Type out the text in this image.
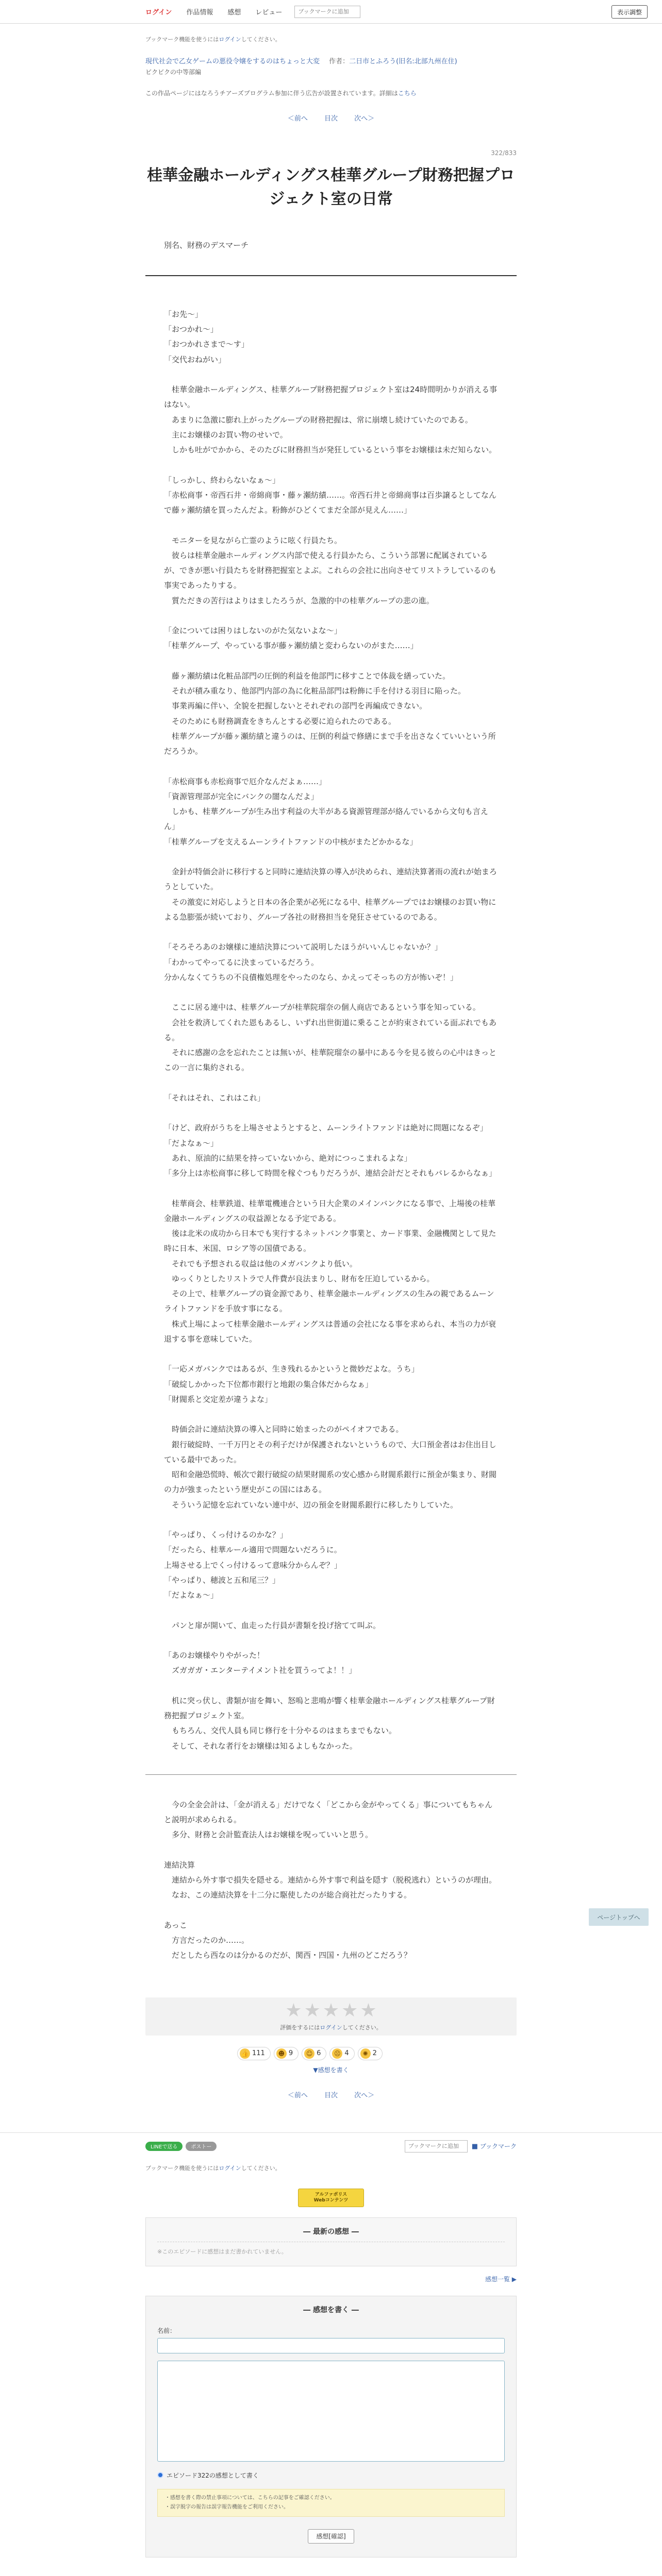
ログイン	作品情報	感想	レビュー
ブックマークに追加	表示調整
ブックマーク機能を使うにはログインしてください。
現代社会で乙女ゲームの悪役令嬢をするのはちょっと大変 作者：二日市とふろう(旧名:北部九州在住)
ビクビクの中等部編
この作品ページにはなろうチアーズプログラム参加に伴う広告が設置されています。詳細はこちら
＜前へ 目次 次へ＞
322/833
桂華金融ホールディングス桂華グループ財務把握プロジェクト室の日常
別名、財務のデスマーチ

「お先～」

「おつかれ～」

「おつかれさまで～す」

「交代おねがい」

　桂華金融ホールディングス、桂華グループ財務把握プロジェクト室は24時間明かりが消える事はない。

　あまりに急激に膨れ上がったグループの財務把握は、常に崩壊し続けていたのである。

　主にお嬢様のお買い物のせいで。

　しかも吐がでかから、そのたびに財務担当が発狂しているという事をお嬢様は未だ知らない。

「しっかし、終わらないなぁ～」

「赤松商事・帝西石井・帝綿商事・藤ヶ瀬紡績……。帝西石井と帝綿商事は百歩譲るとしてなんで藤ヶ瀬紡績を買ったんだよ。粉飾がひどくてまだ全部が見えん……」

　モニターを見ながら亡霊のように呟く行員たち。

　彼らは桂華金融ホールディングス内部で使える行員かたら、こういう部署に配属されているが、できが悪い行員たちを財務把握室とよぶ。これらの会社に出向させてリストラしているのも事実であったりする。

　質ただきの苦行はよりはましたろうが、急激的中の桂華グループの悲の進。

「金については困りはしないのがた気ないよな～」

「桂華グループ、やっている事が藤ヶ瀬紡績と変わらないのがまた……」

　藤ヶ瀬紡績は化粧品部門の圧倒的利益を他部門に移すことで体裁を繕っていた。

　それが積み重なり、他部門内部の為に化粧品部門は粉飾に手を付ける羽目に陥った。

　事業再編に伴い、全貌を把握しないとそれぞれの部門を再編成できない。

　そのためにも財務調査をきちんとする必要に迫られたのである。

　桂華グループが藤ヶ瀬紡績と違うのは、圧倒的利益で修繕にまで手を出さなくていいという所だろうか。

「赤松商事も赤松商事で厄介なんだよぁ……」

「資源管理部が完全にバンクの闇なんだよ」

　しかも、桂華グループが生み出す利益の大半がある資源管理部が絡んでいるから文句も言えん」

「桂華グループを支えるムーンライトファンドの中核がまたどかかるな」

　金針が特価会計に移行すると同時に連結決算の導入が決められ、連結決算著雨の流れが始まろうとしていた。

　その激変に対応しようと日本の各企業が必死になる中、桂華グループではお嬢様のお買い物による急膨張が続いており、グループ各社の財務担当を発狂させているのである。

「そろそろあのお嬢様に連結決算について説明したほうがいいんじゃないか？」

「わかってやってるに決まっているだろう。

分かんなくてうちの不良債権処理をやったのなら、かえってそっちの方が怖いぞ！」

　ここに居る連中は、桂華グループが桂華院瑠奈の個人商店であるという事を知っている。

　会社を救済してくれた恩もあるし、いずれ出世街道に乗ることが約束されている面ぶれでもある。

　それに感謝の念を忘れたことは無いが、桂華院瑠奈の暴中にある今を見る彼らの心中はきっとこの一言に集約される。

「それはそれ、これはこれ」

「けど、政府がうちを上場させようとすると、ムーンライトファンドは絶対に問題になるぞ」

「だよなぁ～」

　あれ、原油的に結果を持っていないから、絶対につっこまれるよな」

「多分上は赤松商事に移して時間を稼ぐつもりだろうが、連結会計だとそれもバレるからなぁ」

　桂華商会、桂華鉄道、桂華電機連合という日大企業のメインバンクになる事で、上場後の桂華金融ホールディングスの収益源となる予定である。

　後は北米の成功から日本でも実行するネットバンク事業と、カード事業、金融機関として見た時に日本、米国、ロシア等の国債である。

　それでも予想される収益は他のメガバンクより低い。

　ゆっくりとしたリストラで人件費が良法まりし、財布を圧迫しているから。

　その上で、桂華グループの資金源であり、桂華金融ホールディングスの生みの親であるムーンライトファンドを手放す事になる。

　株式上場によって桂華金融ホールディングスは普通の会社になる事を求められ、本当の力が衰退する事を意味していた。

「一応メガバンクではあるが、生き残れるかというと微妙だよな。うち」

「破綻しかかった下位都市銀行と地銀の集合体だからなぁ」

「財閥系と交定差が違うよな」

　時価会計に連結決算の導入と同時に始まったのがペイオフである。

　銀行破綻時、一千万円とその利子だけが保護されないというもので、大口預金者はお住出目している最中であった。

　昭和金融恐慌時、帳次で銀行破綻の結果財閥系の安心感から財閥系銀行に預金が集まり、財閥の力が強まったという歴史がこの国にはある。

　そういう記憶を忘れていない連中が、辺の預金を財閥系銀行に移したりしていた。

「やっぱり、くっ付けるのかな？」

「だったら、桂華ルール適用で問題ないだろうに。

上場させる上でくっ付けるって意味分からんぞ？」

「やっぱり、穂波と五和尾三？」

「だよなぁ～」

　パンと扉が開いて、血走った行員が書類を投げ捨てて叫ぶ。

「あのお嬢様やりやがった！

　ズガガガ・エンターテイメント社を買うってよ！！」

　机に突っ伏し、書類が宙を舞い、怒嗚と悲鳴が響く桂華金融ホールディングス桂華グループ財務把握プロジェクト室。

　もちろん、交代人員も同じ修行を十分やるのはまちまでもない。

　そして、それな者行をお嬢様は知るよしもなかった。

　今の全金会計は、「金が消える」だけでなく「どこから金がやってくる」事についてもちゃんと説明が求められる。

　多分、財務と会計監査法人はお嬢様を呪っていいと思う。

連結決算

　連結から外す事で損失を隠せる。連結から外す事で利益を隠す（脱税逃れ）というのが理由。

　なお、この連結決算を十二分に駆使したのが総合商社だったりする。

あっこ

　方言だったのか……。

　だとしたら西なのは分かるのだが、関西・四国・九州のどこだろう？

★ ★ ★ ★ ★
評価をするにはログインしてください。
👍 111	☻ 9	☺ 6	☹ 4	✺ 2
▼感想を書く
＜前へ 目次 次へ＞
LINEで送る	ポストー
ブックマークに追加	■ ブックマーク
ブックマーク機能を使うにはログインしてください。
アルファポリス
Webコンテンツ
― 最新の感想 ―
※このエピソードに感想はまだ書かれていません。
感想一覧 ▶
― 感想を書く ―
名前：
エピソード322の感想として書く
・感想を書く際の禁止事項については、こちらの記事をご確認ください。
・誤字脱字の報告は誤字報告機能をご利用ください。
感想[確認]
ページトップへ
